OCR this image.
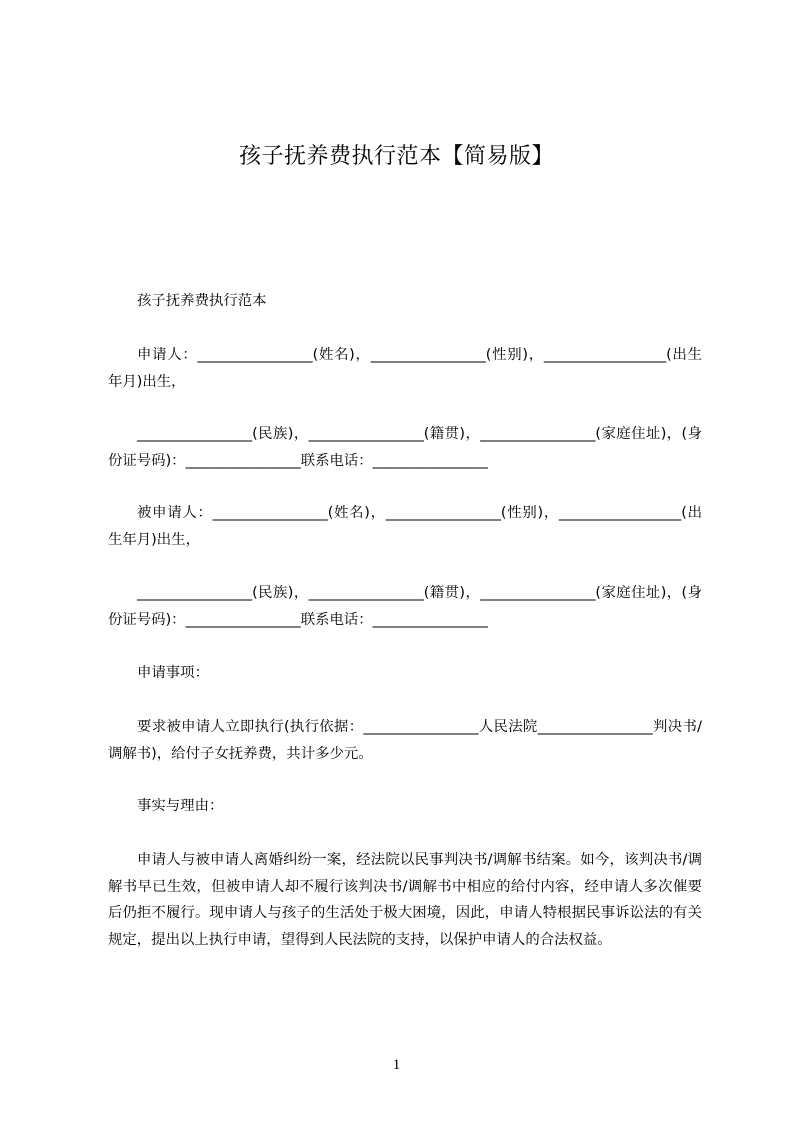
孩子抚养费执行范本【简易版】
孩子抚养费执行范本
申请人：________________(姓名)，________________(性别)，_________________(出生年月)出生，
________________(民族)，________________(籍贯)，________________(家庭住址)，(身份证号码)：________________联系电话：________________
被申请人：________________(姓名)，________________(性别)，_________________(出生年月)出生，
________________(民族)，________________(籍贯)，________________(家庭住址)，(身份证号码)：________________联系电话：________________
申请事项：
要求被申请人立即执行(执行依据：________________人民法院________________判决书/调解书)，给付子女抚养费，共计多少元。
事实与理由：
申请人与被申请人离婚纠纷一案，经法院以民事判决书/调解书结案。如今，该判决书/调解书早已生效，但被申请人却不履行该判决书/调解书中相应的给付内容，经申请人多次催要后仍拒不履行。现申请人与孩子的生活处于极大困境，因此，申请人特根据民事诉讼法的有关规定，提出以上执行申请，望得到人民法院的支持，以保护申请人的合法权益。
1
